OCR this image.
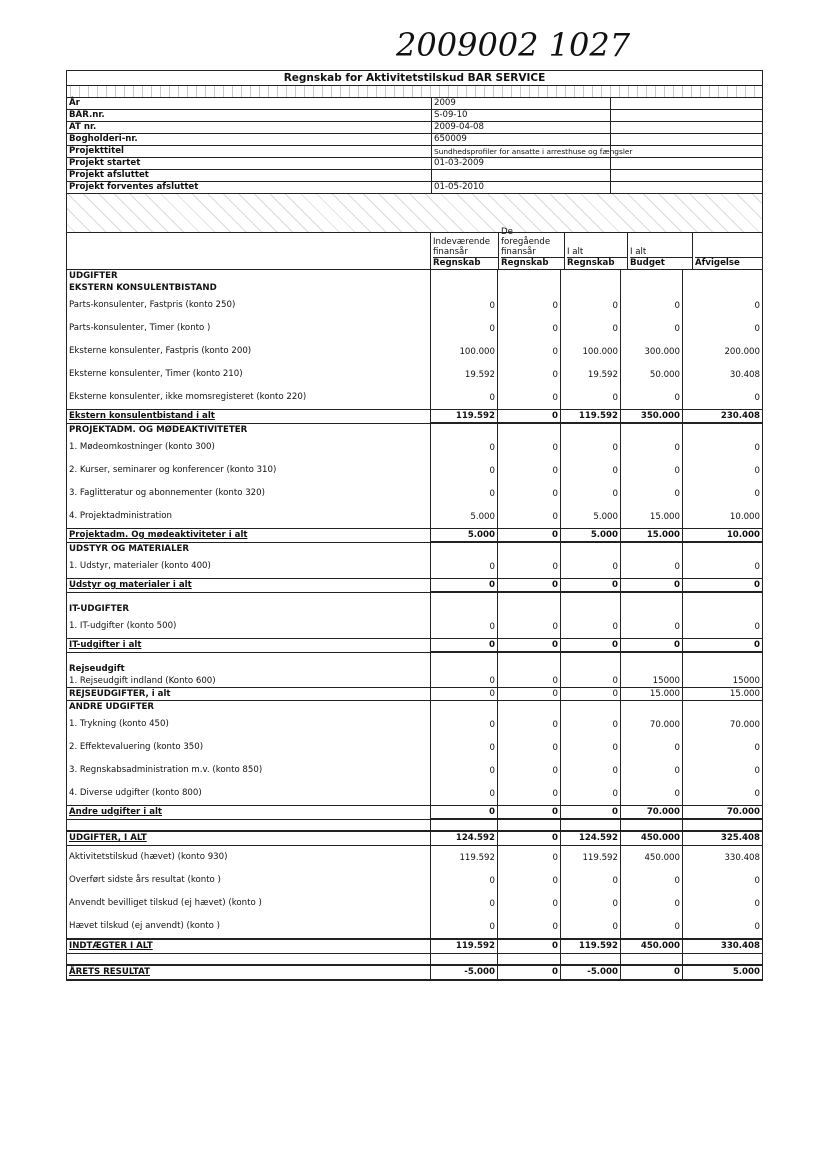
2009002 1027
Regnskab for Aktivitetstilskud BAR SERVICE
År	2009
BAR.nr.	S-09-10
AT nr.	2009-04-08
Bogholderi-nr.	650009
Projekttitel	Sundhedsprofiler for ansatte i arresthuse og fængsler
Projekt startet	01-03-2009
Projekt afsluttet
Projekt forventes afsluttet	01-05-2010
Indeværende finansår
Regnskab
De foregående finansår
Regnskab
I alt
Regnskab
I alt
Budget	Afvigelse
UDGIFTER
EKSTERN KONSULENTBISTAND
Parts-konsulenter, Fastpris (konto 250)	0	0	0	0	0
Parts-konsulenter, Timer (konto )	0	0	0	0	0
Eksterne konsulenter, Fastpris (konto 200)	100.000	0	100.000	300.000	200.000
Eksterne konsulenter, Timer (konto 210)	19.592	0	19.592	50.000	30.408
Eksterne konsulenter, ikke momsregisteret (konto 220)	0	0	0	0	0
Ekstern konsulentbistand i alt	119.592	0	119.592	350.000	230.408
PROJEKTADM. OG MØDEAKTIVITETER
1. Mødeomkostninger (konto 300)	0	0	0	0	0
2. Kurser, seminarer og konferencer (konto 310)	0	0	0	0	0
3. Faglitteratur og abonnementer (konto 320)	0	0	0	0	0
4. Projektadministration	5.000	0	5.000	15.000	10.000
Projektadm. Og mødeaktiviteter i alt	5.000	0	5.000	15.000	10.000
UDSTYR OG MATERIALER
1. Udstyr, materialer (konto 400)	0	0	0	0	0
Udstyr og materialer i alt	0	0	0	0	0
IT-UDGIFTER
1. IT-udgifter (konto 500)	0	0	0	0	0
IT-udgifter i alt	0	0	0	0	0
Rejseudgift
1. Rejseudgift indland (Konto 600)	0	0	0	15000	15000
REJSEUDGIFTER, i alt	0	0	0	15.000	15.000
ANDRE UDGIFTER
1. Trykning (konto 450)	0	0	0	70.000	70.000
2. Effektevaluering (konto 350)	0	0	0	0	0
3. Regnskabsadministration m.v. (konto 850)	0	0	0	0	0
4. Diverse udgifter (konto 800)	0	0	0	0	0
Andre udgifter i alt	0	0	0	70.000	70.000
UDGIFTER, I ALT	124.592	0	124.592	450.000	325.408
Aktivitetstilskud (hævet) (konto 930)	119.592	0	119.592	450.000	330.408
Overført sidste års resultat (konto )	0	0	0	0	0
Anvendt bevilliget tilskud (ej hævet) (konto )	0	0	0	0	0
Hævet tilskud (ej anvendt) (konto )	0	0	0	0	0
INDTÆGTER I ALT	119.592	0	119.592	450.000	330.408
ÅRETS RESULTAT	-5.000	0	-5.000	0	5.000
